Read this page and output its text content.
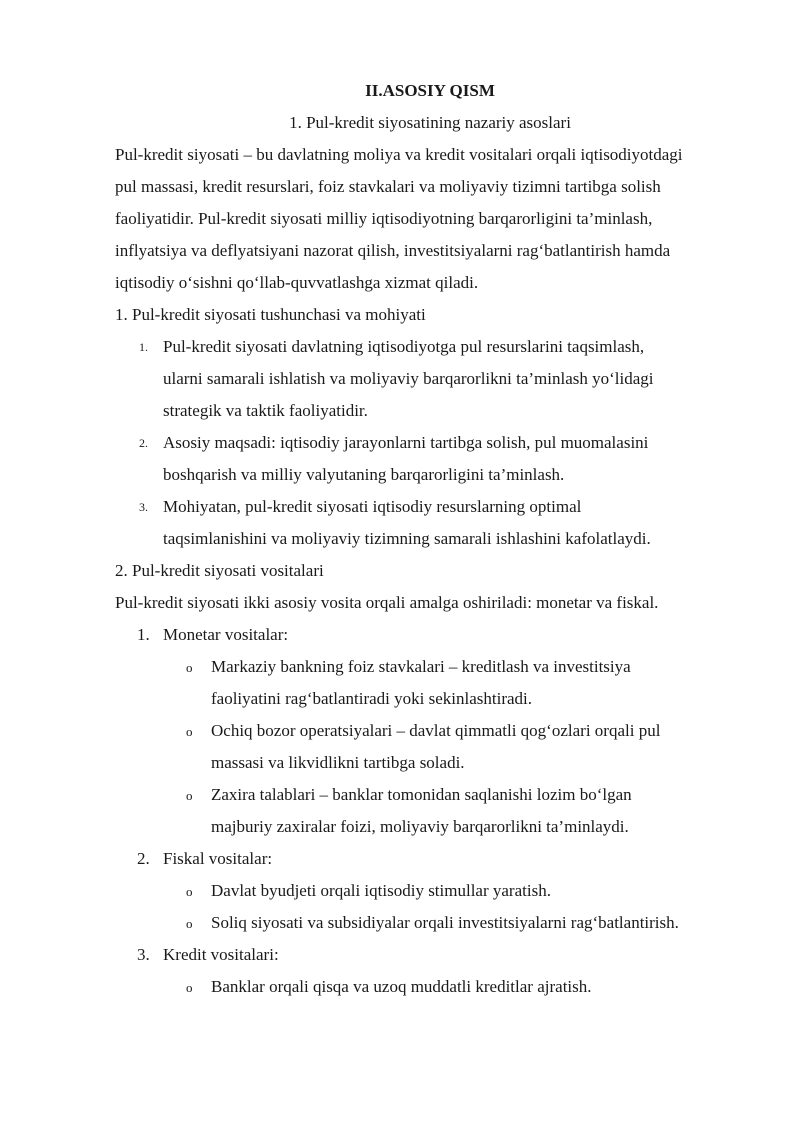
II.ASOSIY QISM
1. Pul-kredit siyosatining nazariy asoslari
Pul-kredit siyosati – bu davlatning moliya va kredit vositalari orqali iqtisodiyotdagi
pul massasi, kredit resurslari, foiz stavkalari va moliyaviy tizimni tartibga solish
faoliyatidir. Pul-kredit siyosati milliy iqtisodiyotning barqarorligini ta’minlash,
inflyatsiya va deflyatsiyani nazorat qilish, investitsiyalarni rag‘batlantirish hamda
iqtisodiy o‘sishni qo‘llab-quvvatlashga xizmat qiladi.
1. Pul-kredit siyosati tushunchasi va mohiyati
1. Pul-kredit siyosati davlatning iqtisodiyotga pul resurslarini taqsimlash,
ularni samarali ishlatish va moliyaviy barqarorlikni ta’minlash yo‘lidagi
strategik va taktik faoliyatidir.
2. Asosiy maqsadi: iqtisodiy jarayonlarni tartibga solish, pul muomalasini
boshqarish va milliy valyutaning barqarorligini ta’minlash.
3. Mohiyatan, pul-kredit siyosati iqtisodiy resurslarning optimal
taqsimlanishini va moliyaviy tizimning samarali ishlashini kafolatlaydi.
2. Pul-kredit siyosati vositalari
Pul-kredit siyosati ikki asosiy vosita orqali amalga oshiriladi: monetar va fiskal.
1. Monetar vositalar:
o Markaziy bankning foiz stavkalari – kreditlash va investitsiya
faoliyatini rag‘batlantiradi yoki sekinlashtiradi.
o Ochiq bozor operatsiyalari – davlat qimmatli qog‘ozlari orqali pul
massasi va likvidlikni tartibga soladi.
o Zaxira talablari – banklar tomonidan saqlanishi lozim bo‘lgan
majburiy zaxiralar foizi, moliyaviy barqarorlikni ta’minlaydi.
2. Fiskal vositalar:
o Davlat byudjeti orqali iqtisodiy stimullar yaratish.
o Soliq siyosati va subsidiyalar orqali investitsiyalarni rag‘batlantirish.
3. Kredit vositalari:
o Banklar orqali qisqa va uzoq muddatli kreditlar ajratish.
